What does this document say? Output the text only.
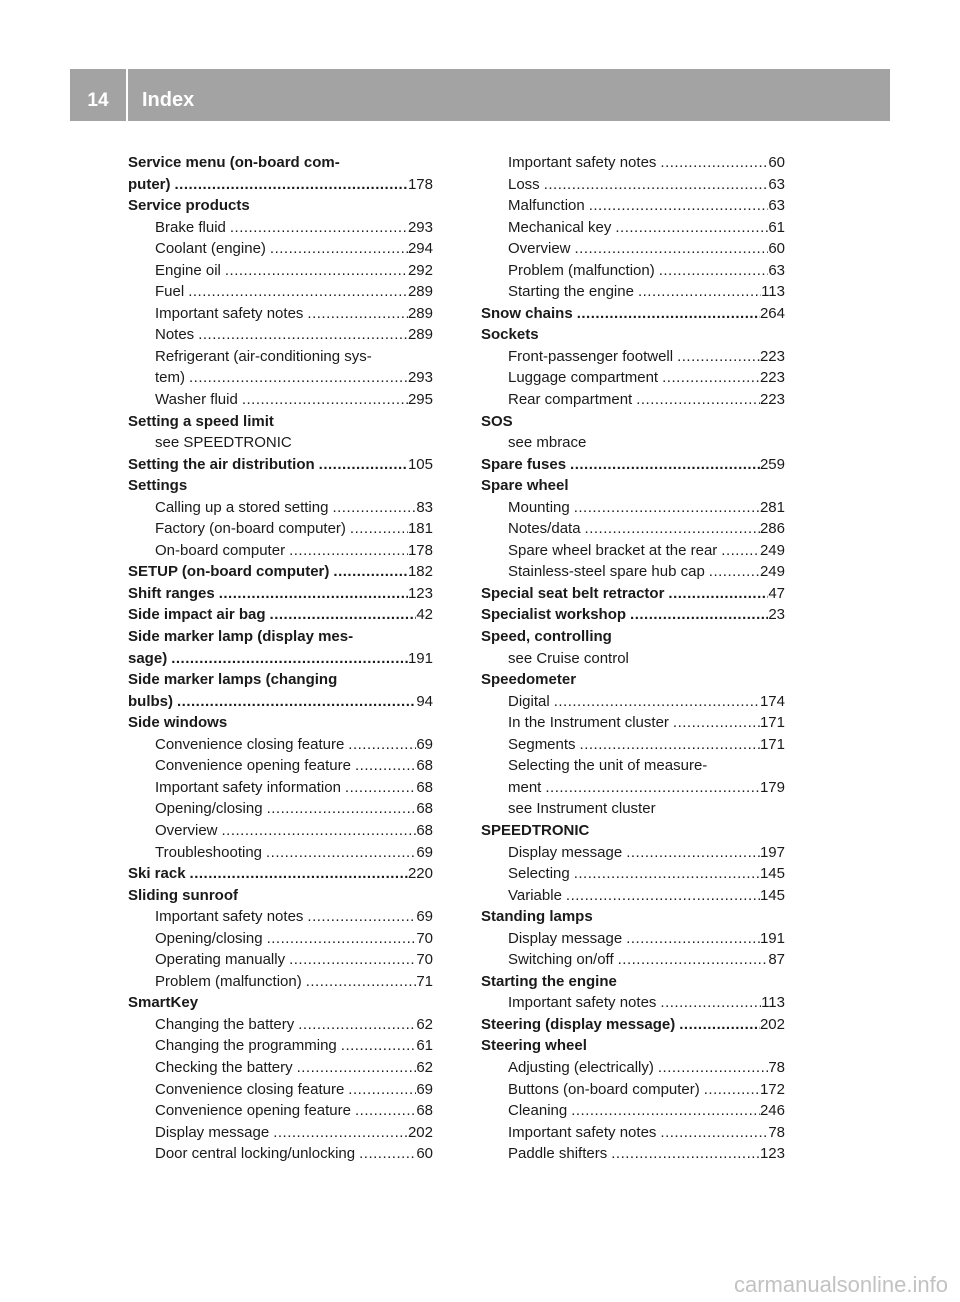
14	Index
Service menu (on-board com-
puter) .....	178
Service products
Brake fluid .....	293
Coolant (engine) .....	294
Engine oil .....	292
Fuel .....	289
Important safety notes .....	289
Notes .....	289
Refrigerant (air-conditioning sys-
tem) .....	293
Washer fluid .....	295
Setting a speed limit
see SPEEDTRONIC
Setting the air distribution .....	105
Settings
Calling up a stored setting .....	83
Factory (on-board computer) .....	181
On-board computer .....	178
SETUP (on-board computer) .....	182
Shift ranges .....	123
Side impact air bag .....	42
Side marker lamp (display mes-
sage) .....	191
Side marker lamps (changing
bulbs) .....	94
Side windows
Convenience closing feature .....	69
Convenience opening feature .....	68
Important safety information .....	68
Opening/closing .....	68
Overview .....	68
Troubleshooting .....	69
Ski rack .....	220
Sliding sunroof
Important safety notes .....	69
Opening/closing .....	70
Operating manually .....	70
Problem (malfunction) .....	71
SmartKey
Changing the battery .....	62
Changing the programming .....	61
Checking the battery .....	62
Convenience closing feature .....	69
Convenience opening feature .....	68
Display message .....	202
Door central locking/unlocking .....	60
Important safety notes .....	60
Loss .....	63
Malfunction .....	63
Mechanical key .....	61
Overview .....	60
Problem (malfunction) .....	63
Starting the engine .....	113
Snow chains .....	264
Sockets
Front-passenger footwell .....	223
Luggage compartment .....	223
Rear compartment .....	223
SOS
see mbrace
Spare fuses .....	259
Spare wheel
Mounting .....	281
Notes/data .....	286
Spare wheel bracket at the rear .....	249
Stainless-steel spare hub cap .....	249
Special seat belt retractor .....	47
Specialist workshop .....	23
Speed, controlling
see Cruise control
Speedometer
Digital .....	174
In the Instrument cluster .....	171
Segments .....	171
Selecting the unit of measure-
ment .....	179
see Instrument cluster
SPEEDTRONIC
Display message .....	197
Selecting .....	145
Variable .....	145
Standing lamps
Display message .....	191
Switching on/off .....	87
Starting the engine
Important safety notes .....	113
Steering (display message) .....	202
Steering wheel
Adjusting (electrically) .....	78
Buttons (on-board computer) .....	172
Cleaning .....	246
Important safety notes .....	78
Paddle shifters .....	123
carmanualsonline.info
